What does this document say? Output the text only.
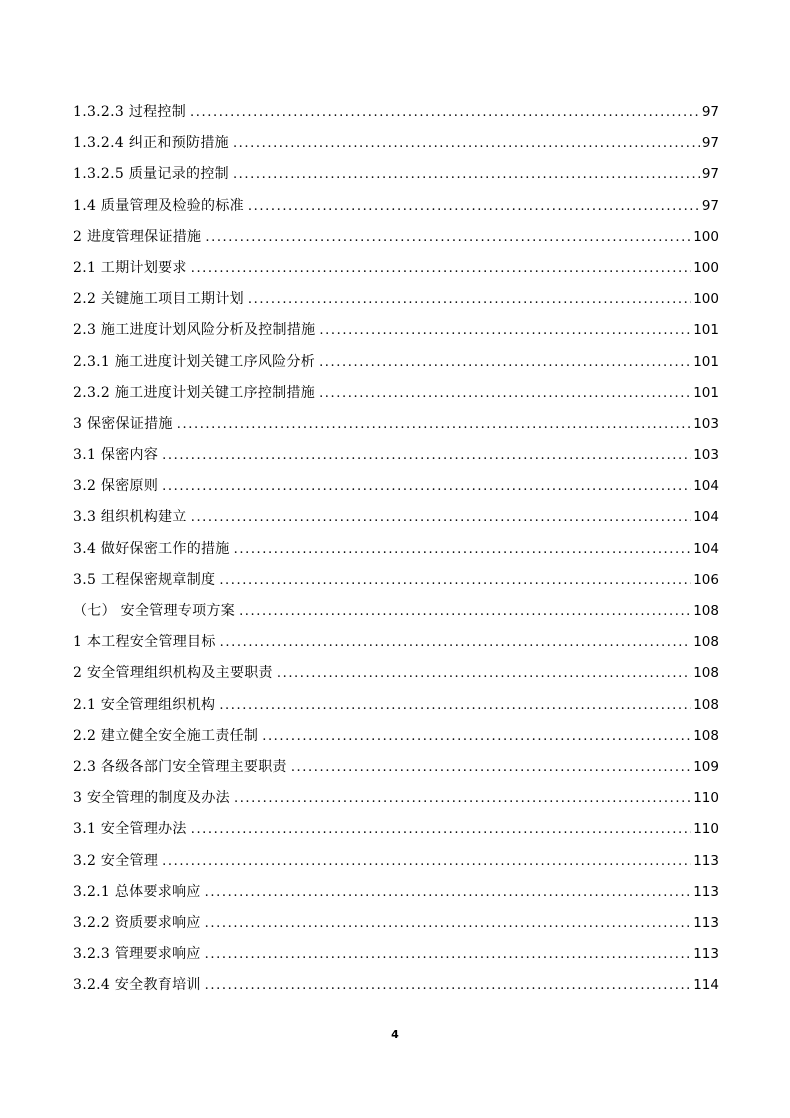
1.3.2.3 过程控制 .....	97
1.3.2.4 纠正和预防措施 .....	97
1.3.2.5 质量记录的控制 .....	97
1.4 质量管理及检验的标准 .....	97
2 进度管理保证措施 .....	100
2.1 工期计划要求 .....	100
2.2 关键施工项目工期计划 .....	100
2.3 施工进度计划风险分析及控制措施 .....	101
2.3.1 施工进度计划关键工序风险分析 .....	101
2.3.2 施工进度计划关键工序控制措施 .....	101
3 保密保证措施 .....	103
3.1 保密内容 .....	103
3.2 保密原则 .....	104
3.3 组织机构建立 .....	104
3.4 做好保密工作的措施 .....	104
3.5 工程保密规章制度 .....	106
（七） 安全管理专项方案 .....	108
1 本工程安全管理目标 .....	108
2 安全管理组织机构及主要职责 .....	108
2.1 安全管理组织机构 .....	108
2.2 建立健全安全施工责任制 .....	108
2.3 各级各部门安全管理主要职责 .....	109
3 安全管理的制度及办法 .....	110
3.1 安全管理办法 .....	110
3.2 安全管理 .....	113
3.2.1 总体要求响应 .....	113
3.2.2 资质要求响应 .....	113
3.2.3 管理要求响应 .....	113
3.2.4 安全教育培训 .....	114
4
